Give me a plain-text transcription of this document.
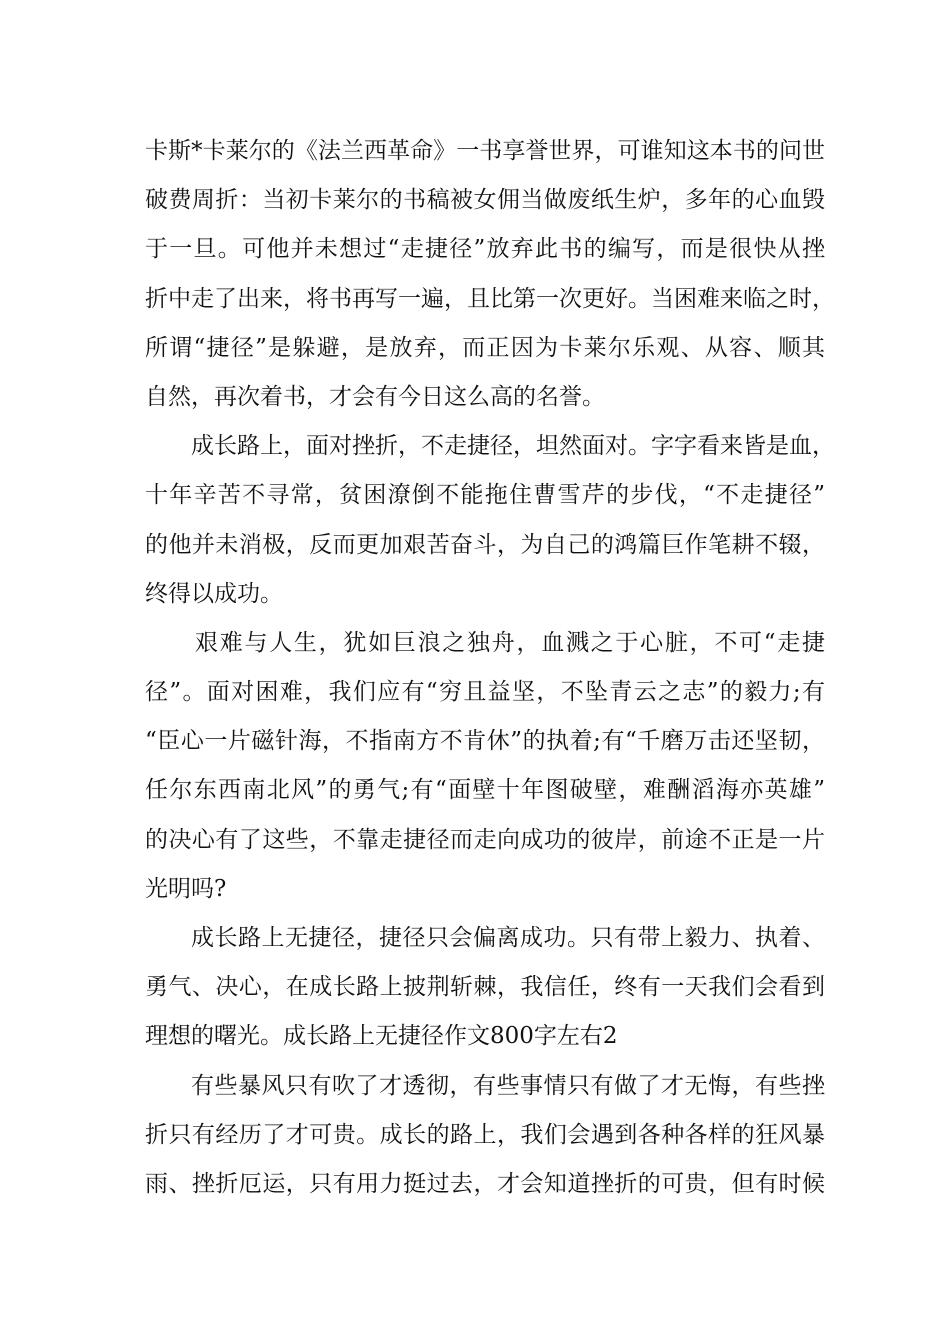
卡斯*卡莱尔的《法兰西革命》一书享誉世界，可谁知这本书的问世
破费周折：当初卡莱尔的书稿被女佣当做废纸生炉，多年的心血毁
于一旦。可他并未想过“走捷径”放弃此书的编写，而是很快从挫
折中走了出来，将书再写一遍，且比第一次更好。当困难来临之时，
所谓“捷径”是躲避，是放弃，而正因为卡莱尔乐观、从容、顺其
自然，再次着书，才会有今日这么高的名誉。
成长路上，面对挫折，不走捷径，坦然面对。字字看来皆是血，
十年辛苦不寻常，贫困潦倒不能拖住曹雪芹的步伐，“不走捷径”
的他并未消极，反而更加艰苦奋斗，为自己的鸿篇巨作笔耕不辍，
终得以成功。
艰难与人生，犹如巨浪之独舟，血溅之于心脏，不可“走捷
径”。面对困难，我们应有“穷且益坚，不坠青云之志”的毅力;有
“臣心一片磁针海，不指南方不肯休”的执着;有“千磨万击还坚韧，
任尔东西南北风”的勇气;有“面壁十年图破壁，难酬滔海亦英雄”
的决心有了这些，不靠走捷径而走向成功的彼岸，前途不正是一片
光明吗?
成长路上无捷径，捷径只会偏离成功。只有带上毅力、执着、
勇气、决心，在成长路上披荆斩棘，我信任，终有一天我们会看到
理想的曙光。成长路上无捷径作文800字左右2
有些暴风只有吹了才透彻，有些事情只有做了才无悔，有些挫
折只有经历了才可贵。成长的路上，我们会遇到各种各样的狂风暴
雨、挫折厄运，只有用力挺过去，才会知道挫折的可贵，但有时候
